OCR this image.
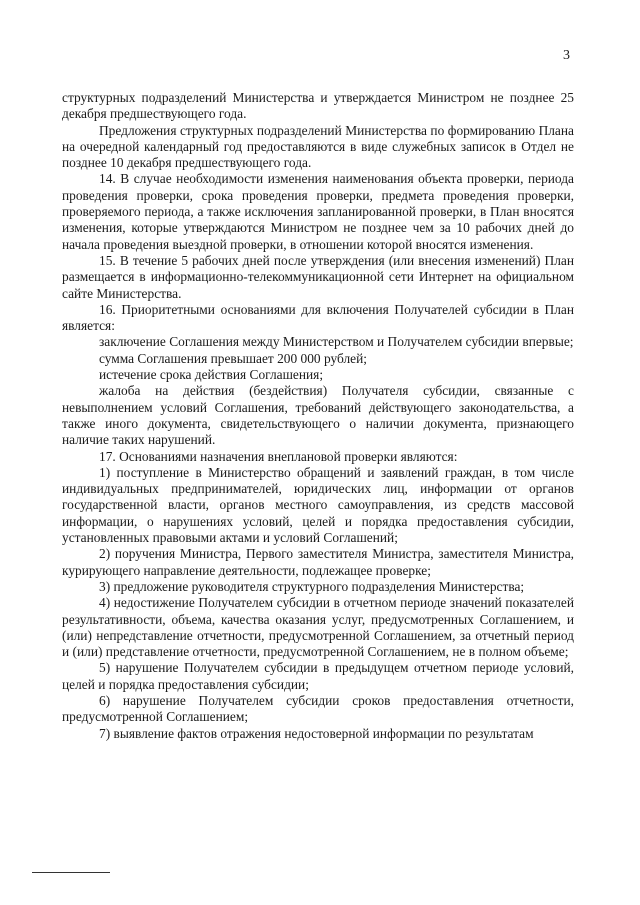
3

структурных подразделений Министерства и утверждается Министром не позднее 25 декабря предшествующего года.

Предложения структурных подразделений Министерства по формированию Плана на очередной календарный год предоставляются в виде служебных записок в Отдел не позднее 10 декабря предшествующего года.

14. В случае необходимости изменения наименования объекта проверки, периода проведения проверки, срока проведения проверки, предмета проведения проверки, проверяемого периода, а также исключения запланированной проверки, в План вносятся изменения, которые утверждаются Министром не позднее чем за 10 рабочих дней до начала проведения выездной проверки, в отношении которой вносятся изменения.

15. В течение 5 рабочих дней после утверждения (или внесения изменений) План размещается в информационно-телекоммуникационной сети Интернет на официальном сайте Министерства.

16. Приоритетными основаниями для включения Получателей субсидии в План является:

заключение Соглашения между Министерством и Получателем субсидии впервые;

сумма Соглашения превышает 200 000 рублей;

истечение срока действия Соглашения;

жалоба на действия (бездействия) Получателя субсидии, связанные с невыполнением условий Соглашения, требований действующего законодательства, а также иного документа, свидетельствующего о наличии документа, признающего наличие таких нарушений.

17. Основаниями назначения внеплановой проверки являются:

1) поступление в Министерство обращений и заявлений граждан, в том числе индивидуальных предпринимателей, юридических лиц, информации от органов государственной власти, органов местного самоуправления, из средств массовой информации, о нарушениях условий, целей и порядка предоставления субсидии, установленных правовыми актами и условий Соглашений;

2) поручения Министра, Первого заместителя Министра, заместителя Министра, курирующего направление деятельности, подлежащее проверке;

3) предложение руководителя структурного подразделения Министерства;

4) недостижение Получателем субсидии в отчетном периоде значений показателей результативности, объема, качества оказания услуг, предусмотренных Соглашением, и (или) непредставление отчетности, предусмотренной Соглашением, за отчетный период и (или) представление отчетности, предусмотренной Соглашением, не в полном объеме;

5) нарушение Получателем субсидии в предыдущем отчетном периоде условий, целей и порядка предоставления субсидии;

6) нарушение Получателем субсидии сроков предоставления отчетности, предусмотренной Соглашением;

7) выявление фактов отражения недостоверной информации по результатам
